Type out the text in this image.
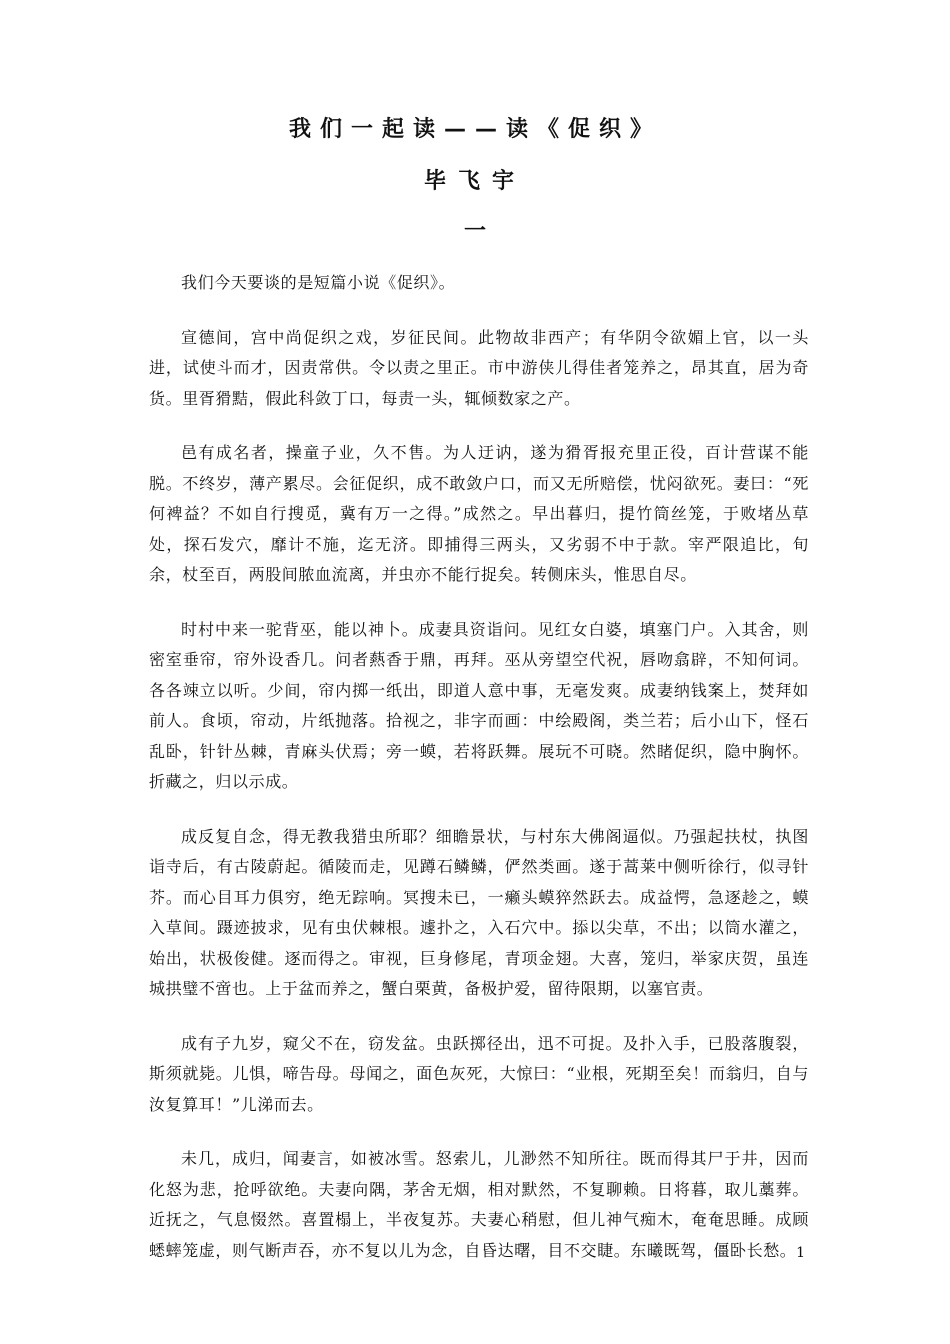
我们一起读——读《促织》
毕飞宇
一

我们今天要谈的是短篇小说《促织》。

宣德间，宫中尚促织之戏，岁征民间。此物故非西产；有华阴令欲媚上官，以一头进，试使斗而才，因责常供。令以责之里正。市中游侠儿得佳者笼养之，昂其直，居为奇货。里胥猾黠，假此科敛丁口，每责一头，辄倾数家之产。

邑有成名者，操童子业，久不售。为人迂讷，遂为猾胥报充里正役，百计营谋不能脱。不终岁，薄产累尽。会征促织，成不敢敛户口，而又无所赔偿，忧闷欲死。妻曰：“死何裨益？不如自行搜觅，冀有万一之得。”成然之。早出暮归，提竹筒丝笼，于败堵丛草处，探石发穴，靡计不施，迄无济。即捕得三两头，又劣弱不中于款。宰严限追比，旬余，杖至百，两股间脓血流离，并虫亦不能行捉矣。转侧床头，惟思自尽。

时村中来一驼背巫，能以神卜。成妻具资诣问。见红女白婆，填塞门户。入其舍，则密室垂帘，帘外设香几。问者爇香于鼎，再拜。巫从旁望空代祝，唇吻翕辟，不知何词。各各竦立以听。少间，帘内掷一纸出，即道人意中事，无毫发爽。成妻纳钱案上，焚拜如前人。食顷，帘动，片纸抛落。拾视之，非字而画：中绘殿阁，类兰若；后小山下，怪石乱卧，针针丛棘，青麻头伏焉；旁一蟆，若将跃舞。展玩不可晓。然睹促织，隐中胸怀。折藏之，归以示成。

成反复自念，得无教我猎虫所耶？细瞻景状，与村东大佛阁逼似。乃强起扶杖，执图诣寺后，有古陵蔚起。循陵而走，见蹲石鳞鳞，俨然类画。遂于蒿莱中侧听徐行，似寻针芥。而心目耳力俱穷，绝无踪响。冥搜未已，一癞头蟆猝然跃去。成益愕，急逐趁之，蟆入草间。蹑迹披求，见有虫伏棘根。遽扑之，入石穴中。掭以尖草，不出；以筒水灌之，始出，状极俊健。逐而得之。审视，巨身修尾，青项金翅。大喜，笼归，举家庆贺，虽连城拱璧不啻也。上于盆而养之，蟹白栗黄，备极护爱，留待限期，以塞官责。

成有子九岁，窥父不在，窃发盆。虫跃掷径出，迅不可捉。及扑入手，已股落腹裂，斯须就毙。儿惧，啼告母。母闻之，面色灰死，大惊曰：“业根，死期至矣！而翁归，自与汝复算耳！”儿涕而去。

未几，成归，闻妻言，如被冰雪。怒索儿，儿渺然不知所往。既而得其尸于井，因而化怒为悲，抢呼欲绝。夫妻向隅，茅舍无烟，相对默然，不复聊赖。日将暮，取儿藁葬。近抚之，气息惙然。喜置榻上，半夜复苏。夫妻心稍慰，但儿神气痴木，奄奄思睡。成顾蟋蟀笼虚，则气断声吞，亦不复以儿为念，自昏达曙，目不交睫。东曦既驾，僵卧长愁。 1
